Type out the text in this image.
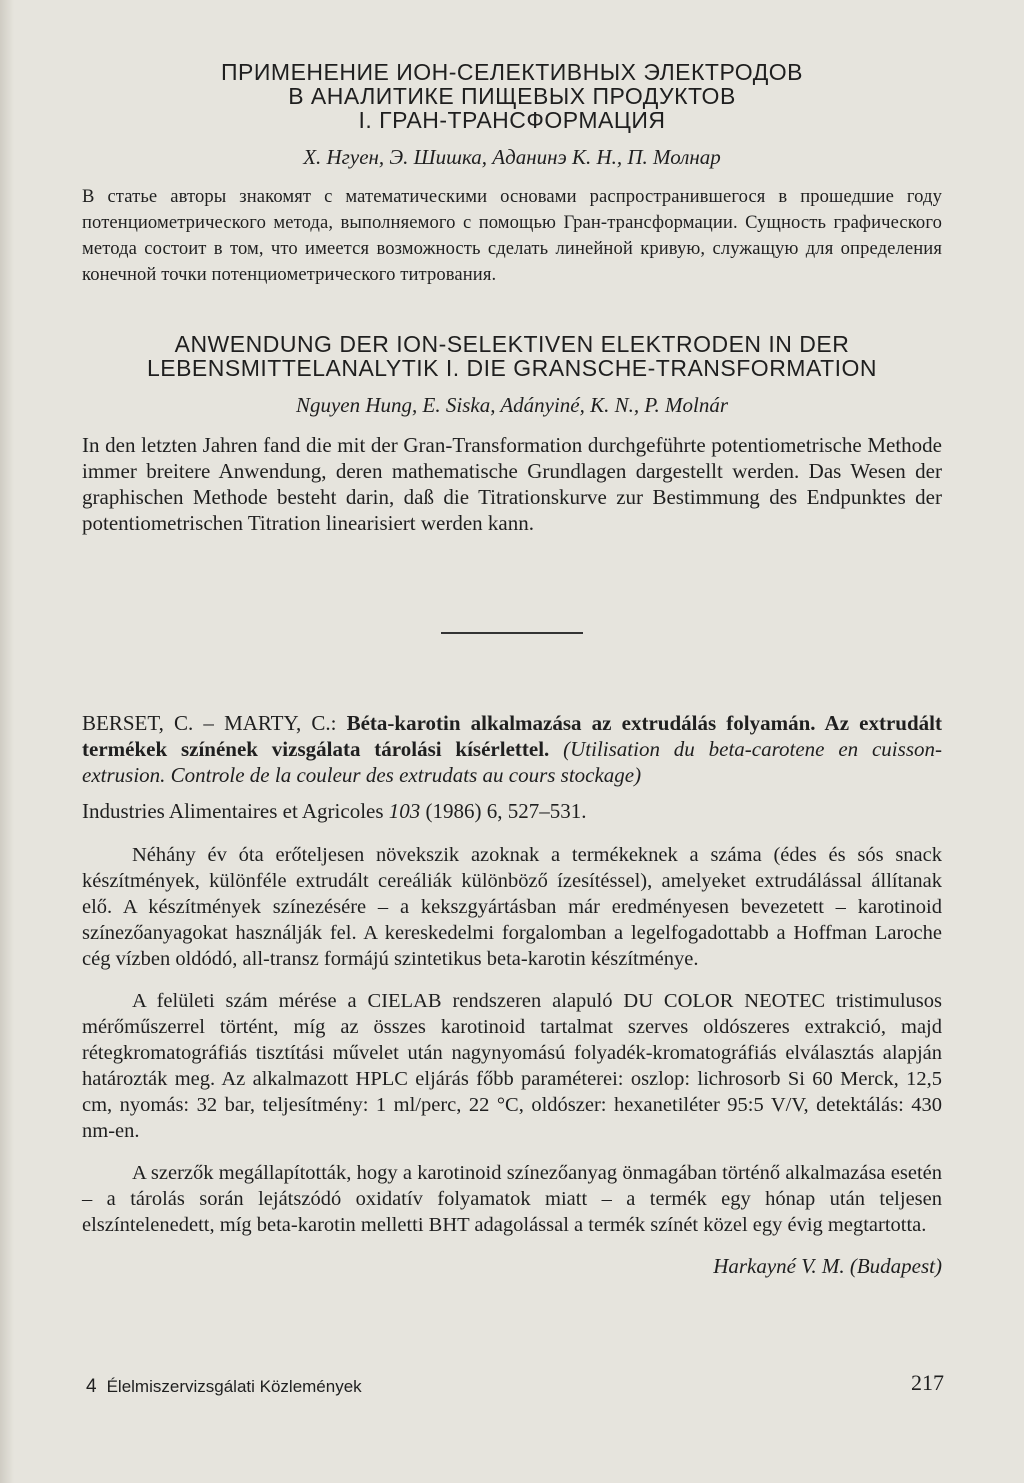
ПРИМЕНЕНИЕ ИОН-СЕЛЕКТИВНЫХ ЭЛЕКТРОДОВ
В АНАЛИТИКЕ ПИЩЕВЫХ ПРОДУКТОВ
I. ГРАН-ТРАНСФОРМАЦИЯ
Х. Нгуен, Э. Шишка, Аданинэ К. Н., П. Молнар

В статье авторы знакомят с математическими основами распространившегося в прошедшие году потенциометрического метода, выполняемого с помощью Гран-трансформации. Сущность графического метода состоит в том, что имеется возможность сделать линейной кривую, служащую для определения конечной точки потенциометрического титрования.

ANWENDUNG DER ION-SELEKTIVEN ELEKTRODEN IN DER
LEBENSMITTELANALYTIK I. DIE GRANSCHE-TRANSFORMATION
Nguyen Hung, E. Siska, Adányiné, K. N., P. Molnár

In den letzten Jahren fand die mit der Gran-Transformation durchgeführte potentiometrische Methode immer breitere Anwendung, deren mathematische Grundlagen dargestellt werden. Das Wesen der graphischen Methode besteht darin, daß die Titrationskurve zur Bestimmung des Endpunktes der potentiometrischen Titration linearisiert werden kann.

BERSET, C. – MARTY, C.: Béta-karotin alkalmazása az extrudálás folyamán. Az extrudált termékek színének vizsgálata tárolási kísérlettel. (Utilisation du beta-carotene en cuisson-extrusion. Controle de la couleur des extrudats au cours stockage)
Industries Alimentaires et Agricoles 103 (1986) 6, 527–531.

Néhány év óta erőteljesen növekszik azoknak a termékeknek a száma (édes és sós snack készítmények, különféle extrudált cereáliák különböző ízesítéssel), amelyeket extrudálással állítanak elő. A készítmények színezésére – a kekszgyártásban már eredményesen bevezetett – karotinoid színezőanyagokat használják fel. A kereskedelmi forgalomban a legelfogadottabb a Hoffman Laroche cég vízben oldódó, all-transz formájú szintetikus beta-karotin készítménye.

A felületi szám mérése a CIELAB rendszeren alapuló DU COLOR NEOTEC tristimulusos mérőműszerrel történt, míg az összes karotinoid tartalmat szerves oldószeres extrakció, majd rétegkromatográfiás tisztítási művelet után nagynyomású folyadék-kromatográfiás elválasztás alapján határozták meg. Az alkalmazott HPLC eljárás főbb paraméterei: oszlop: lichrosorb Si 60 Merck, 12,5 cm, nyomás: 32 bar, teljesítmény: 1 ml/perc, 22 °C, oldószer: hexanetiléter 95:5 V/V, detektálás: 430 nm-en.

A szerzők megállapították, hogy a karotinoid színezőanyag önmagában történő alkalmazása esetén – a tárolás során lejátszódó oxidatív folyamatok miatt – a termék egy hónap után teljesen elszíntelenedett, míg beta-karotin melletti BHT adagolással a termék színét közel egy évig megtartotta.

Harkayné V. M. (Budapest)
4 Élelmiszervizsgálati Közlemények	217
